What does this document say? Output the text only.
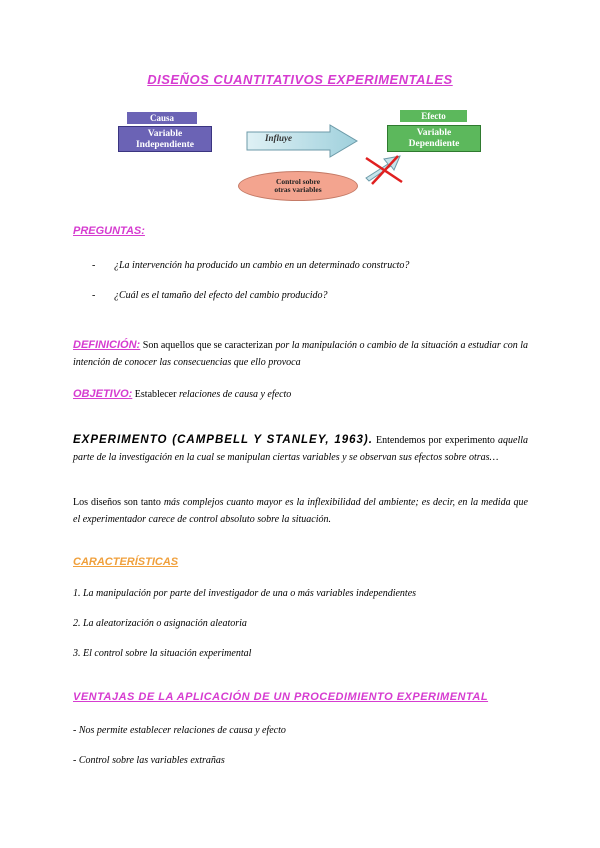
DISEÑOS CUANTITATIVOS EXPERIMENTALES
Causa
Variable
Independiente
Influye
Efecto
Variable
Dependiente
Control sobre
otras variables
PREGUNTAS:
- ¿La intervención ha producido un cambio en un determinado constructo?
- ¿Cuál es el tamaño del efecto del cambio producido?
DEFINICIÓN: Son aquellos que se caracterizan por la manipulación o cambio de la situación a estudiar con la intención de conocer las consecuencias que ello provoca
OBJETIVO: Establecer relaciones de causa y efecto
EXPERIMENTO (CAMPBELL Y STANLEY, 1963). Entendemos por experimento aquella parte de la investigación en la cual se manipulan ciertas variables y se observan sus efectos sobre otras…
Los diseños son tanto más complejos cuanto mayor es la inflexibilidad del ambiente; es decir, en la medida que el experimentador carece de control absoluto sobre la situación.
CARACTERÍSTICAS
1. La manipulación por parte del investigador de una o más variables independientes
2. La aleatorización o asignación aleatoria
3. El control sobre la situación experimental
VENTAJAS DE LA APLICACIÓN DE UN PROCEDIMIENTO EXPERIMENTAL
- Nos permite establecer relaciones de causa y efecto
- Control sobre las variables extrañas
